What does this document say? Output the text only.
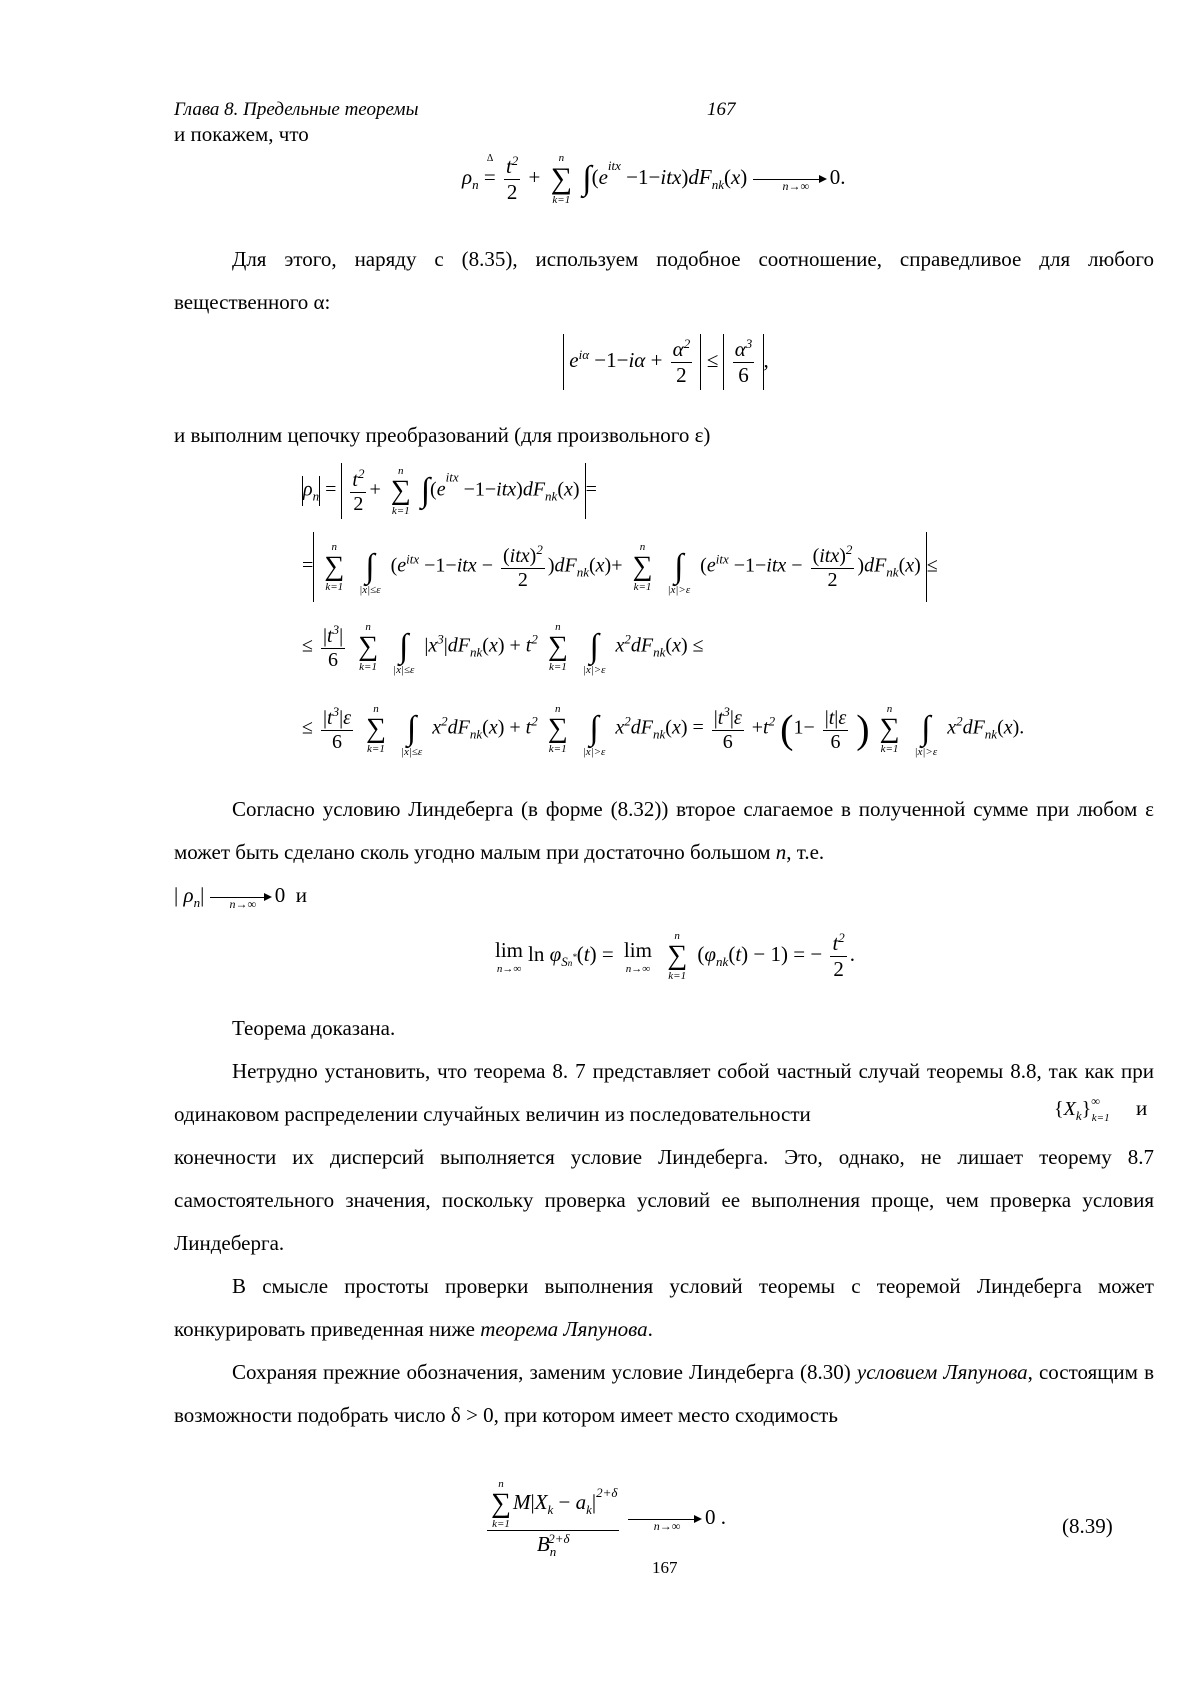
Глава 8. Предельные теоремы	167
и покажем, что
$\rho_n$
Δ
= $\frac{t^2}{2}$ +
n
∑
k=1
$\int(e^{itx} -1-itx)dF_{nk}(x)$	n→∞ 0.
Для этого, наряду с (8.35), используем подобное соотношение, справедливое для любого вещественного α:
$e^{i\alpha} -1-i\alpha + \frac{\alpha^2}{2} \le \frac{\alpha^3}{6}$ ,
и выполним цепочку преобразований (для произвольного ε)
$\rho_n = \frac{t^2}{2}$ +
n
∑
k=1
$\int(e^{itx} -1-itx)dF_{nk}(x)$ =
=
n
∑
k=1

∫
|x|≤ε
$(e^{itx} -1-itx - \frac{(itx)^2}{2} )dF_{nk}(x)+$
n
∑
k=1

∫
|x|>ε
$(e^{itx} -1-itx - \frac{(itx)^2}{2} )dF_{nk}(x)$ ≤
≤ $\frac{|t^3|}{6}$
	n
∑
k=1

∫
|x|≤ε
$|x^3|dF_{nk}(x) + t^2$
n
∑
k=1

∫
|x|>ε
$x^2dF_{nk}(x)$ ≤
≤ $\frac{|t^3|\varepsilon}{6}$
	n
∑
k=1

∫
|x|≤ε
$x^2dF_{nk}(x) + t^2$
n
∑
k=1

∫
|x|>ε
$x^2dF_{nk}(x) = \frac{|t^3|\varepsilon}{6} +t^2$ ($1- \frac{|t|\varepsilon}{6}$ )	n
∑
k=1

∫
|x|>ε
$x^2dF_{nk}(x)$.
Согласно условию Линдеберга (в форме (8.32)) второе слагаемое в полученной сумме при любом ε может быть сделано сколь угодно малым при достаточно большом n, т.е.
| $\rho_n|$ n→∞ 0 и
lim
n→∞
$\ln \varphi_{Sn^*}(t) = \lim$
n→∞

n
∑
k=1
$(\varphi_{nk}(t) - 1)$ = − $\frac{t^2}{2}$ .
Теорема доказана.
Нетрудно установить, что теорема 8. 7 представляет собой частный случай теоремы 8.8, так как при одинаковом распределении случайных величин из последовательности	$\{X_k\}^\infty_{k=1}$ и
конечности их дисперсий выполняется условие Линдеберга. Это, однако, не лишает теорему 8.7 самостоятельного значения, поскольку проверка условий ее выполнения проще, чем проверка условия Линдеберга.
В смысле простоты проверки выполнения условий теоремы с теоремой Линдеберга может конкурировать приведенная ниже теорема Ляпунова.
Сохраняя прежние обозначения, заменим условие Линдеберга (8.30) условием Ляпунова, состоящим в возможности подобрать число δ > 0, при котором имеет место сходимость
n
∑
k=1
$M|X_k - a_k|^{2+\delta}$
$B_n^{2+\delta}$
	n→∞ 0 .	(8.39)
167
